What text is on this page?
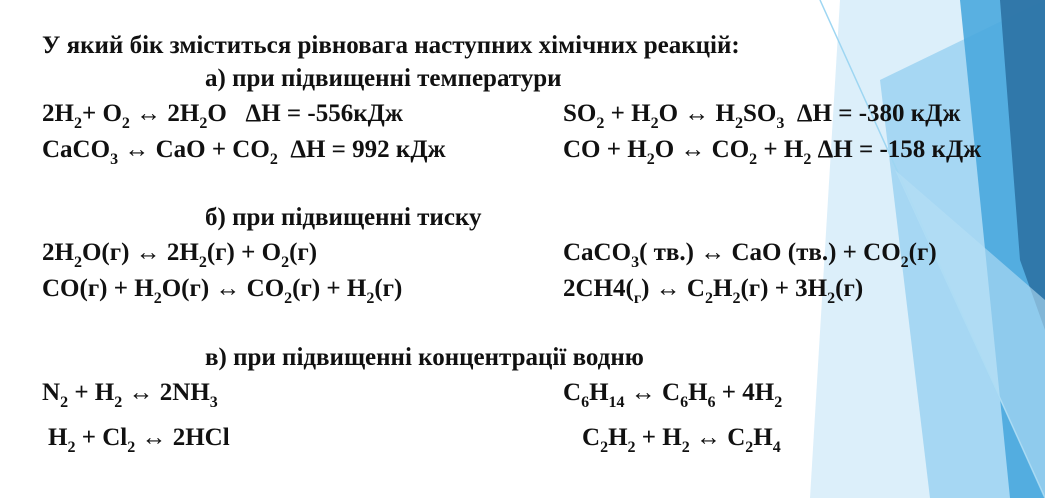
У який бік зміститься рівновага наступних хімічних реакцій:
а) при підвищенні температури
$2H_2+ O_2$ ↔ $2H_2O$   ΔH = -556кДж	$SO_2 + H_2O$ ↔ $H_2SO_3$  ΔH = -380 кДж
CaCO$_3$ ↔ CaO + $CO_2$  ΔH = 992 кДж	CO + $H_2O$ ↔ $CO_2 + H_2$ ΔH = -158 кДж
б) при підвищенні тиску
$2H_2O(г)$ ↔ $2H_2(г) + O_2(г)$	CaCO$_3$( тв.) ↔ CaO $(тв.) + CO_2(г)$
$CO(г) + H_2O(г)$ ↔ $CO_2(г) + H_2(г)$	$2CH4(_г)$ ↔ $C_2H_2(г) + 3H_2(г)$
в) при підвищенні концентрації водню
$N_2 + H_2$ ↔ $2NH_3$	$C_6H_{14}$ ↔ $C_6H_6 + 4H_2$
$H_2 + Cl_2$ ↔ 2HCl	$C_2H_2 + H_2$ ↔ $C_2H_4$
